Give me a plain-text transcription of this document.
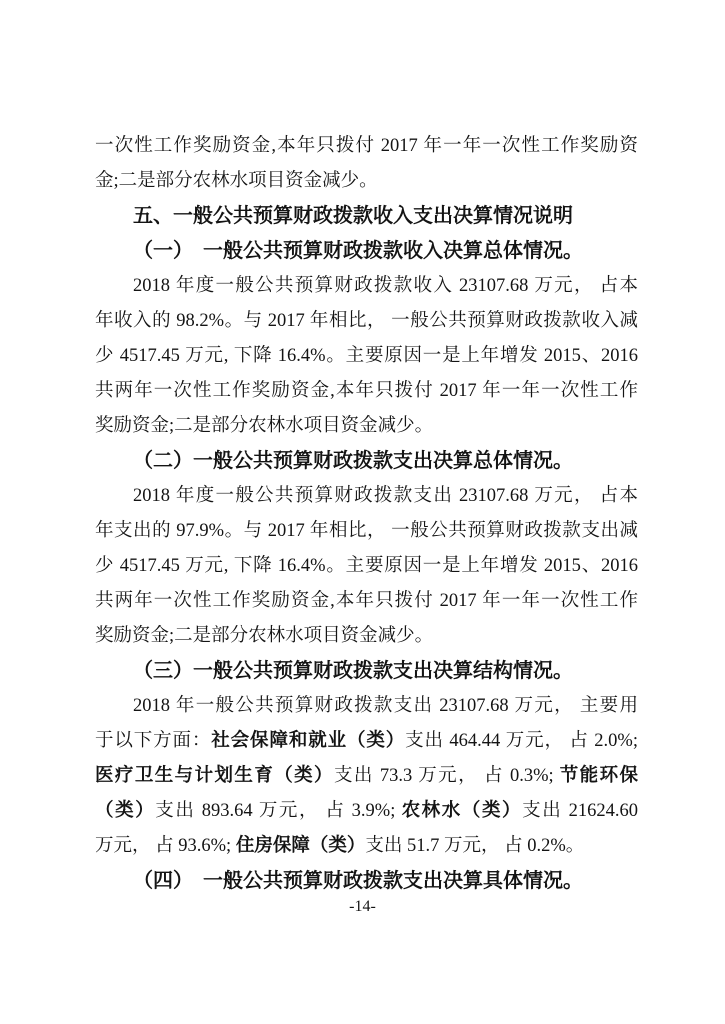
一次性工作奖励资金,本年只拨付 2017 年一年一次性工作奖励资
金;二是部分农林水项目资金减少。
五、一般公共预算财政拨款收入支出决算情况说明
（一）　一般公共预算财政拨款收入决算总体情况。
2018 年度一般公共预算财政拨款收入 23107.68 万元， 占本
年收入的 98.2%。与 2017 年相比， 一般公共预算财政拨款收入减
少 4517.45 万元, 下降 16.4%。主要原因一是上年增发 2015、2016
共两年一次性工作奖励资金,本年只拨付 2017 年一年一次性工作
奖励资金;二是部分农林水项目资金减少。
（二）一般公共预算财政拨款支出决算总体情况。
2018 年度一般公共预算财政拨款支出 23107.68 万元， 占本
年支出的 97.9%。与 2017 年相比， 一般公共预算财政拨款支出减
少 4517.45 万元, 下降 16.4%。主要原因一是上年增发 2015、2016
共两年一次性工作奖励资金,本年只拨付 2017 年一年一次性工作
奖励资金;二是部分农林水项目资金减少。
（三）一般公共预算财政拨款支出决算结构情况。
2018 年一般公共预算财政拨款支出 23107.68 万元， 主要用
于以下方面：社会保障和就业（类）支出 464.44 万元， 占 2.0%;
医疗卫生与计划生育（类）支出 73.3 万元， 占 0.3%; 节能环保
（类）支出 893.64 万元， 占 3.9%; 农林水（类）支出 21624.60
万元， 占 93.6%; 住房保障（类）支出 51.7 万元， 占 0.2%。
（四）　一般公共预算财政拨款支出决算具体情况。
-14-
